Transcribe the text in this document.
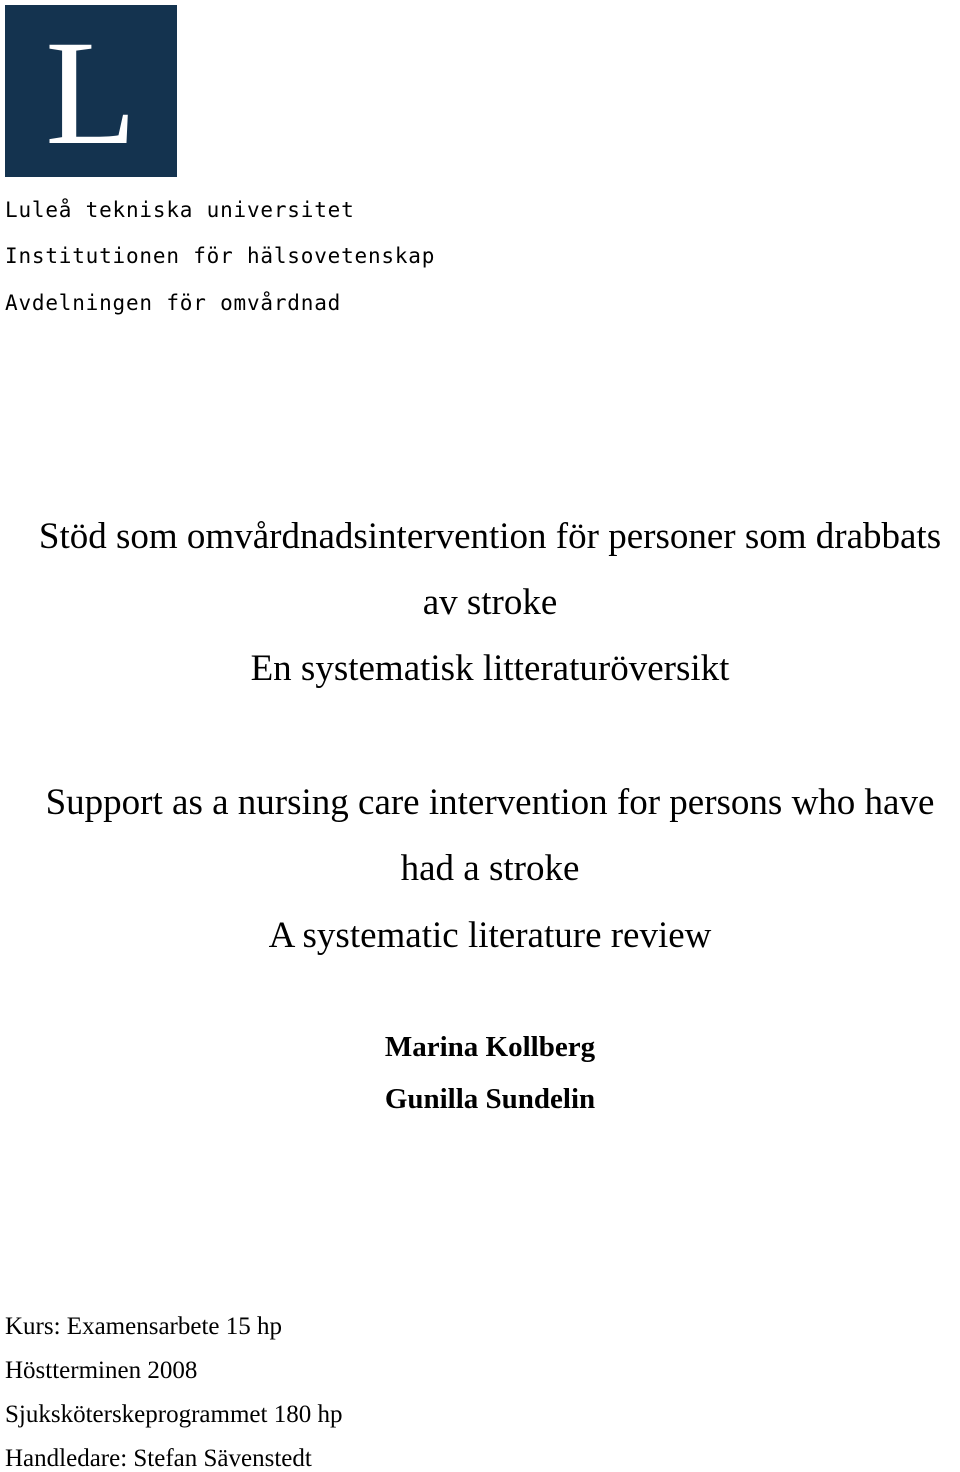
L
Luleå tekniska universitet
Institutionen för hälsovetenskap
Avdelningen för omvårdnad
Stöd som omvårdnadsintervention för personer som drabbats
av stroke
En systematisk litteraturöversikt
Support as a nursing care intervention for persons who have
had a stroke
A systematic literature review
Marina Kollberg
Gunilla Sundelin
Kurs: Examensarbete 15 hp
Höstterminen 2008
Sjuksköterskeprogrammet 180 hp
Handledare: Stefan Sävenstedt
